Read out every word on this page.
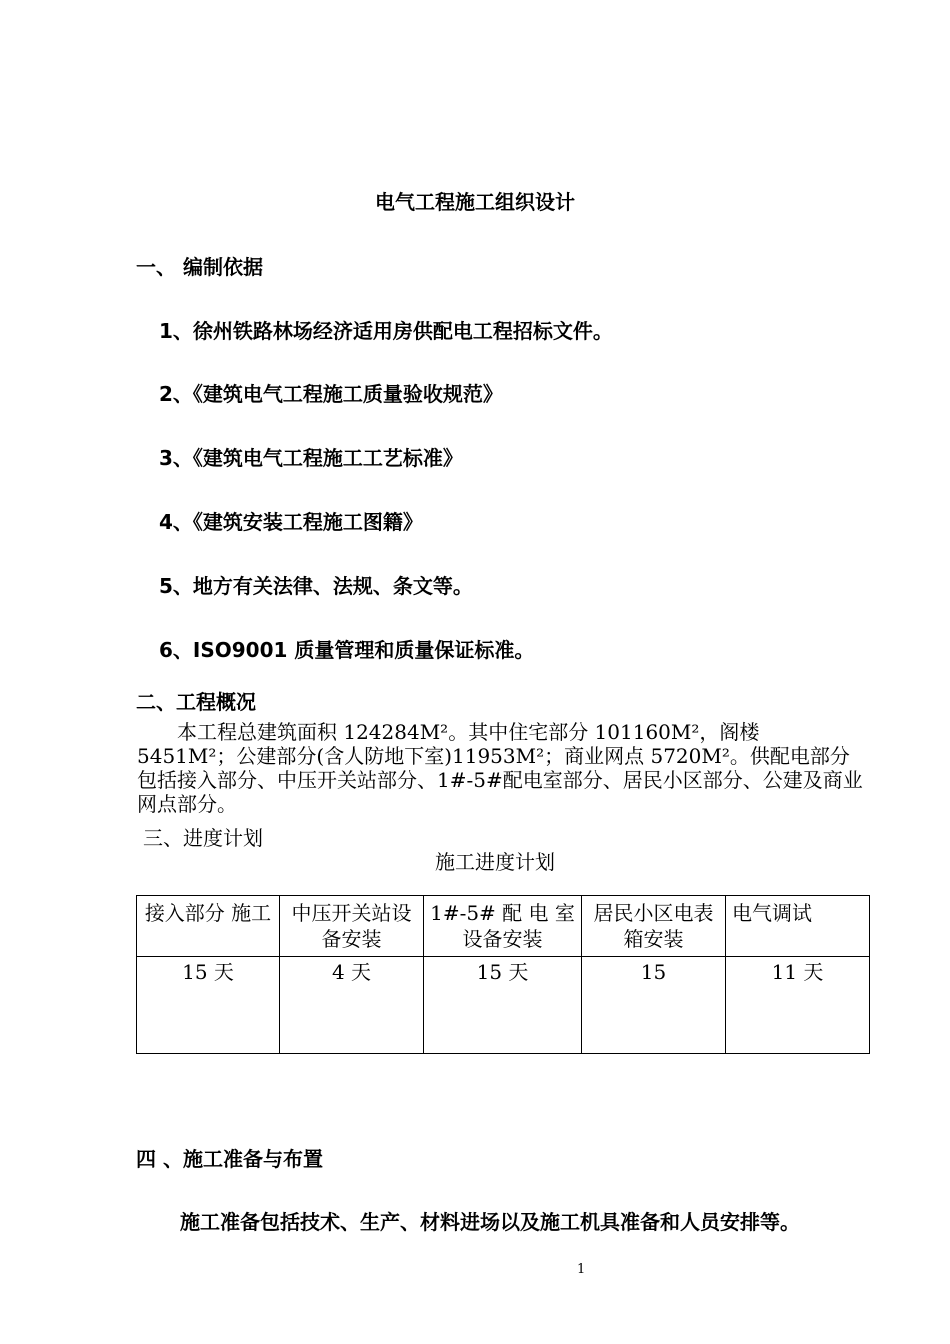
电气工程施工组织设计
一、 编制依据
1、徐州铁路林场经济适用房供配电工程招标文件。
2、《建筑电气工程施工质量验收规范》
3、《建筑电气工程施工工艺标准》
4、《建筑安装工程施工图籍》
5、地方有关法律、法规、条文等。
6、ISO9001 质量管理和质量保证标准。
二、工程概况
　　本工程总建筑面积 124284M²。其中住宅部分 101160M²，阁楼 5451M²；公建部分(含人防地下室)11953M²；商业网点 5720M²。供配电部分包括接入部分、中压开关站部分、1#-5#配电室部分、居民小区部分、公建及商业网点部分。
三、进度计划
施工进度计划
接入部分 施工	中压开关站设备安装	1#-5# 配 电 室 设备安装	居民小区电表箱安装	电气调试
15 天	4 天	15 天	15	11 天
四 、施工准备与布置
施工准备包括技术、生产、材料进场以及施工机具准备和人员安排等。
1
